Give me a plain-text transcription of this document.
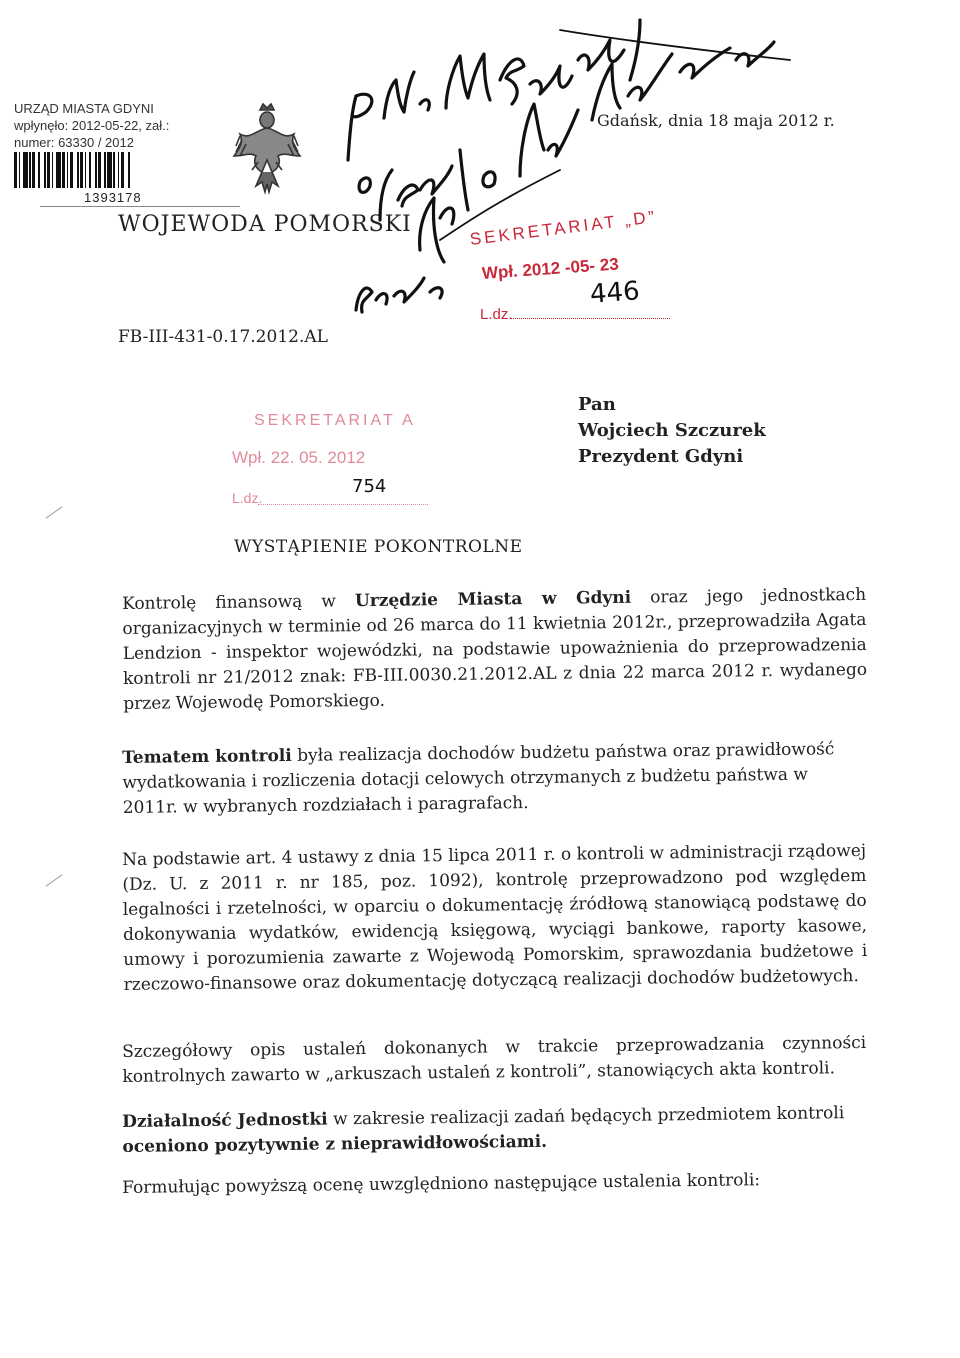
URZĄD MIASTA GDYNI
wpłynęło: 2012-05-22, zał.:
numer: 63330 / 2012
1393178
WOJEWODA POMORSKI
Gdańsk, dnia 18 maja 2012 r.
SEKRETARIAT „D”
Wpł. 2012 -05- 23
L.dz.
446
FB-III-431-0.17.2012.AL
SEKRETARIAT A
Wpł. 22. 05. 2012
L.dz.
754
Pan
Wojciech Szczurek
Prezydent Gdyni
WYSTĄPIENIE POKONTROLNE
Kontrolę finansową w Urzędzie Miasta w Gdyni oraz jego jednostkach organizacyjnych w terminie od 26 marca do 11 kwietnia 2012r., przeprowadziła Agata Lendzion - inspektor wojewódzki, na podstawie upoważnienia do przeprowadzenia kontroli nr 21/2012 znak: FB-III.0030.21.2012.AL z dnia 22 marca 2012 r. wydanego przez Wojewodę Pomorskiego.
Tematem kontroli była realizacja dochodów budżetu państwa oraz prawidłowość wydatkowania i rozliczenia dotacji celowych otrzymanych z budżetu państwa w 2011r. w wybranych rozdziałach i paragrafach.
Na podstawie art. 4 ustawy z dnia 15 lipca 2011 r. o kontroli w administracji rządowej (Dz. U. z 2011 r. nr 185, poz. 1092), kontrolę przeprowadzono pod względem legalności i rzetelności, w oparciu o dokumentację źródłową stanowiącą podstawę do dokonywania wydatków, ewidencją księgową, wyciągi bankowe, raporty kasowe, umowy i porozumienia zawarte z Wojewodą Pomorskim, sprawozdania budżetowe i rzeczowo-finansowe oraz dokumentację dotyczącą realizacji dochodów budżetowych.
Szczegółowy opis ustaleń dokonanych w trakcie przeprowadzania czynności kontrolnych zawarto w „arkuszach ustaleń z kontroli”, stanowiących akta kontroli.
Działalność Jednostki w zakresie realizacji zadań będących przedmiotem kontroli oceniono pozytywnie z nieprawidłowościami.
Formułując powyższą ocenę uwzględniono następujące ustalenia kontroli:
